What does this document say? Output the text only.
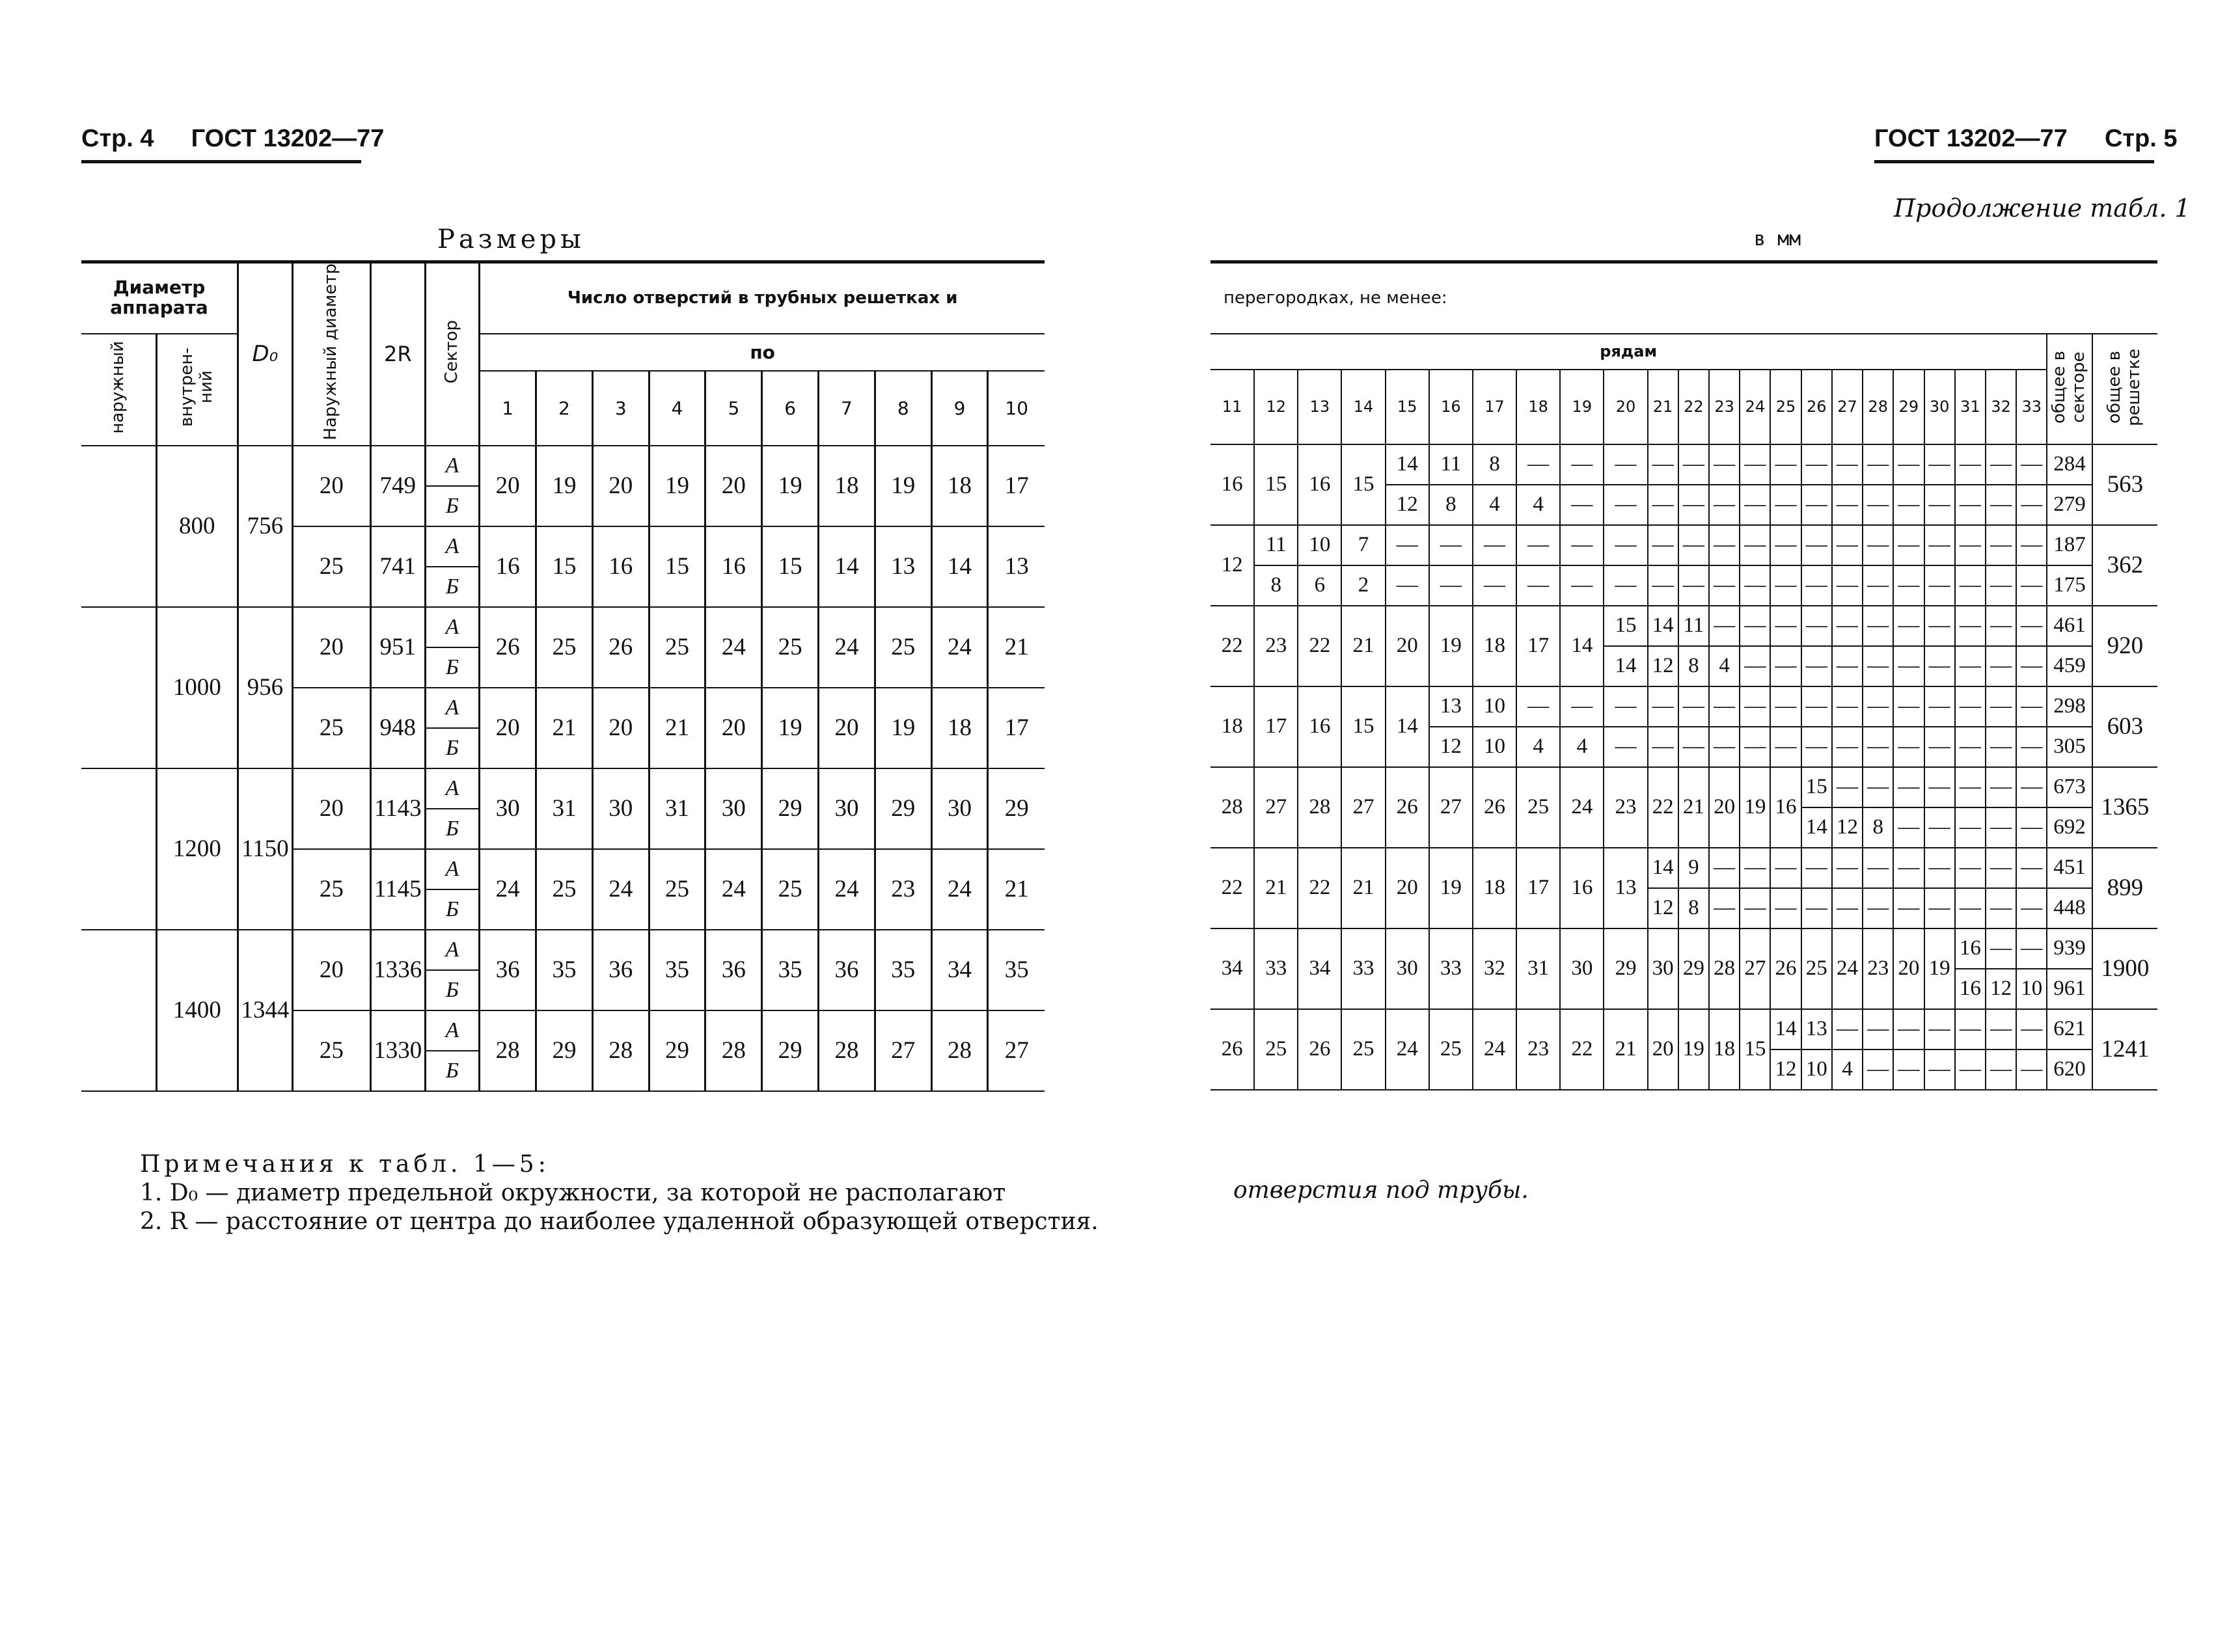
Стр. 4 ГОСТ 13202—77
Размеры
ГОСТ 13202—77 Стр. 5
Продолжение табл. 1
в мм
Диаметр аппарата		D₀	Наружный диаметр	2R	Сектор	Число отверстий в трубных решетках и									
наружный	внутрен-ний					по									
						1	2	3	4	5	6	7	8	9	10
	800	756	20	749	А	20	19	20	19	20	19	18	19	18	17
					Б										
			25	741	А	16	15	16	15	16	15	14	13	14	13
					Б										
	1000	956	20	951	А	26	25	26	25	24	25	24	25	24	21
					Б										
			25	948	А	20	21	20	21	20	19	20	19	18	17
					Б										
	1200	1150	20	1143	А	30	31	30	31	30	29	30	29	30	29
					Б										
			25	1145	А	24	25	24	25	24	25	24	23	24	21
					Б										
	1400	1344	20	1336	А	36	35	36	35	36	35	36	35	34	35
					Б										
			25	1330	А	28	29	28	29	28	29	28	27	28	27
					Б										
перегородках, не менее:																								
рядам																							общее в секторе	общее в решетке
11	12	13	14	15	16	17	18	19	20	21	22	23	24	25	26	27	28	29	30	31	32	33		
16	15	16	15	14	11	8	—	—	—	—	—	—	—	—	—	—	—	—	—	—	—	—	284	563
				12	8	4	4	—	—	—	—	—	—	—	—	—	—	—	—	—	—	—	279	
12	11	10	7	—	—	—	—	—	—	—	—	—	—	—	—	—	—	—	—	—	—	—	187	362
	8	6	2	—	—	—	—	—	—	—	—	—	—	—	—	—	—	—	—	—	—	—	175	
22	23	22	21	20	19	18	17	14	15	14	11	—	—	—	—	—	—	—	—	—	—	—	461	920
									14	12	8	4	—	—	—	—	—	—	—	—	—	—	459	
18	17	16	15	14	13	10	—	—	—	—	—	—	—	—	—	—	—	—	—	—	—	—	298	603
					12	10	4	4	—	—	—	—	—	—	—	—	—	—	—	—	—	—	305	
28	27	28	27	26	27	26	25	24	23	22	21	20	19	16	15	—	—	—	—	—	—	—	673	1365
															14	12	8	—	—	—	—	—	692	
22	21	22	21	20	19	18	17	16	13	14	9	—	—	—	—	—	—	—	—	—	—	—	451	899
										12	8	—	—	—	—	—	—	—	—	—	—	—	448	
34	33	34	33	30	33	32	31	30	29	30	29	28	27	26	25	24	23	20	19	16	—	—	939	1900
																				16	12	10	961	
26	25	26	25	24	25	24	23	22	21	20	19	18	15	14	13	—	—	—	—	—	—	—	621	1241
														12	10	4	—	—	—	—	—	—	620	
Примечания к табл. 1—5:
1. D₀ — диаметр предельной окружности, за которой не располагают
2. R — расстояние от центра до наиболее удаленной образующей отверстия.
отверстия под трубы.
